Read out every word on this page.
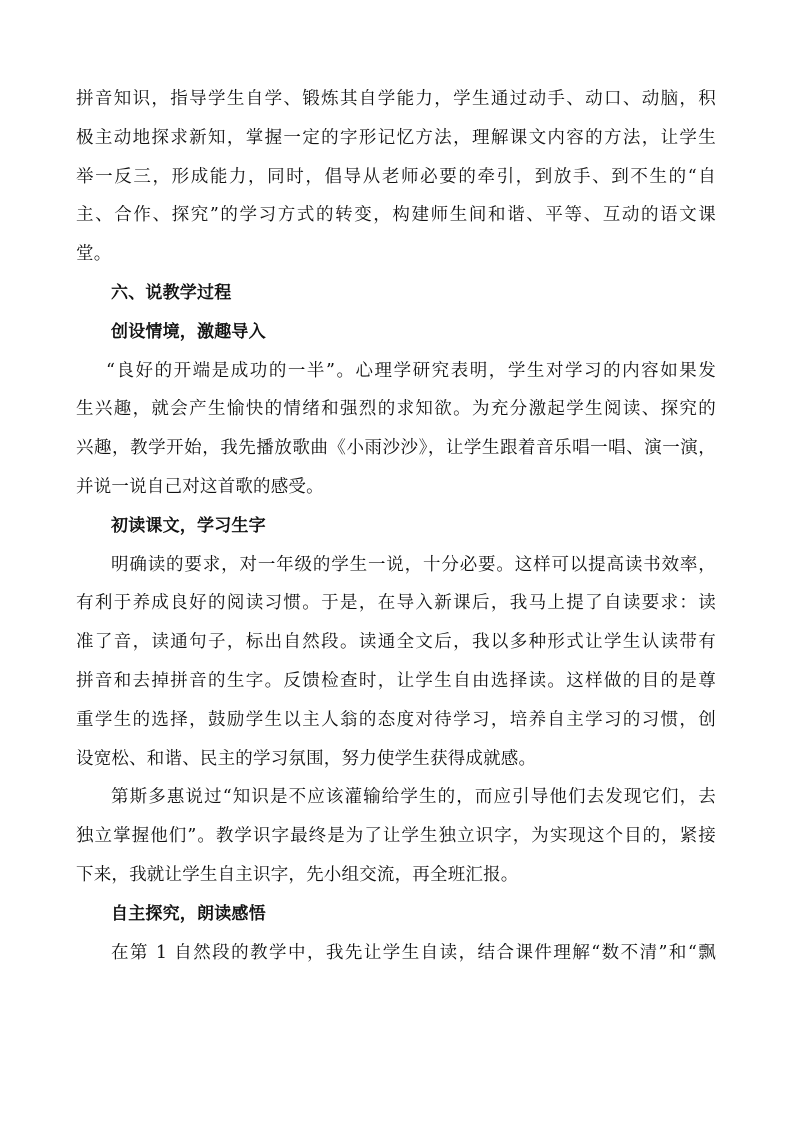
拼音知识，指导学生自学、锻炼其自学能力，学生通过动手、动口、动脑，积
极主动地探求新知，掌握一定的字形记忆方法，理解课文内容的方法，让学生
举一反三，形成能力，同时，倡导从老师必要的牵引，到放手、到不生的“自
主、合作、探究”的学习方式的转变，构建师生间和谐、平等、互动的语文课
堂。
六、说教学过程
创设情境，激趣导入
“良好的开端是成功的一半”。心理学研究表明，学生对学习的内容如果发
生兴趣，就会产生愉快的情绪和强烈的求知欲。为充分激起学生阅读、探究的
兴趣，教学开始，我先播放歌曲《小雨沙沙》，让学生跟着音乐唱一唱、演一演，
并说一说自己对这首歌的感受。
初读课文，学习生字
明确读的要求，对一年级的学生一说，十分必要。这样可以提高读书效率，
有利于养成良好的阅读习惯。于是，在导入新课后，我马上提了自读要求：读
准了音，读通句子，标出自然段。读通全文后，我以多种形式让学生认读带有
拼音和去掉拼音的生字。反馈检查时，让学生自由选择读。这样做的目的是尊
重学生的选择，鼓励学生以主人翁的态度对待学习，培养自主学习的习惯，创
设宽松、和谐、民主的学习氛围，努力使学生获得成就感。
第斯多惠说过“知识是不应该灌输给学生的，而应引导他们去发现它们，去
独立掌握他们”。教学识字最终是为了让学生独立识字，为实现这个目的，紧接
下来，我就让学生自主识字，先小组交流，再全班汇报。
自主探究，朗读感悟
在第 1 自然段的教学中，我先让学生自读，结合课件理解“数不清”和“飘
